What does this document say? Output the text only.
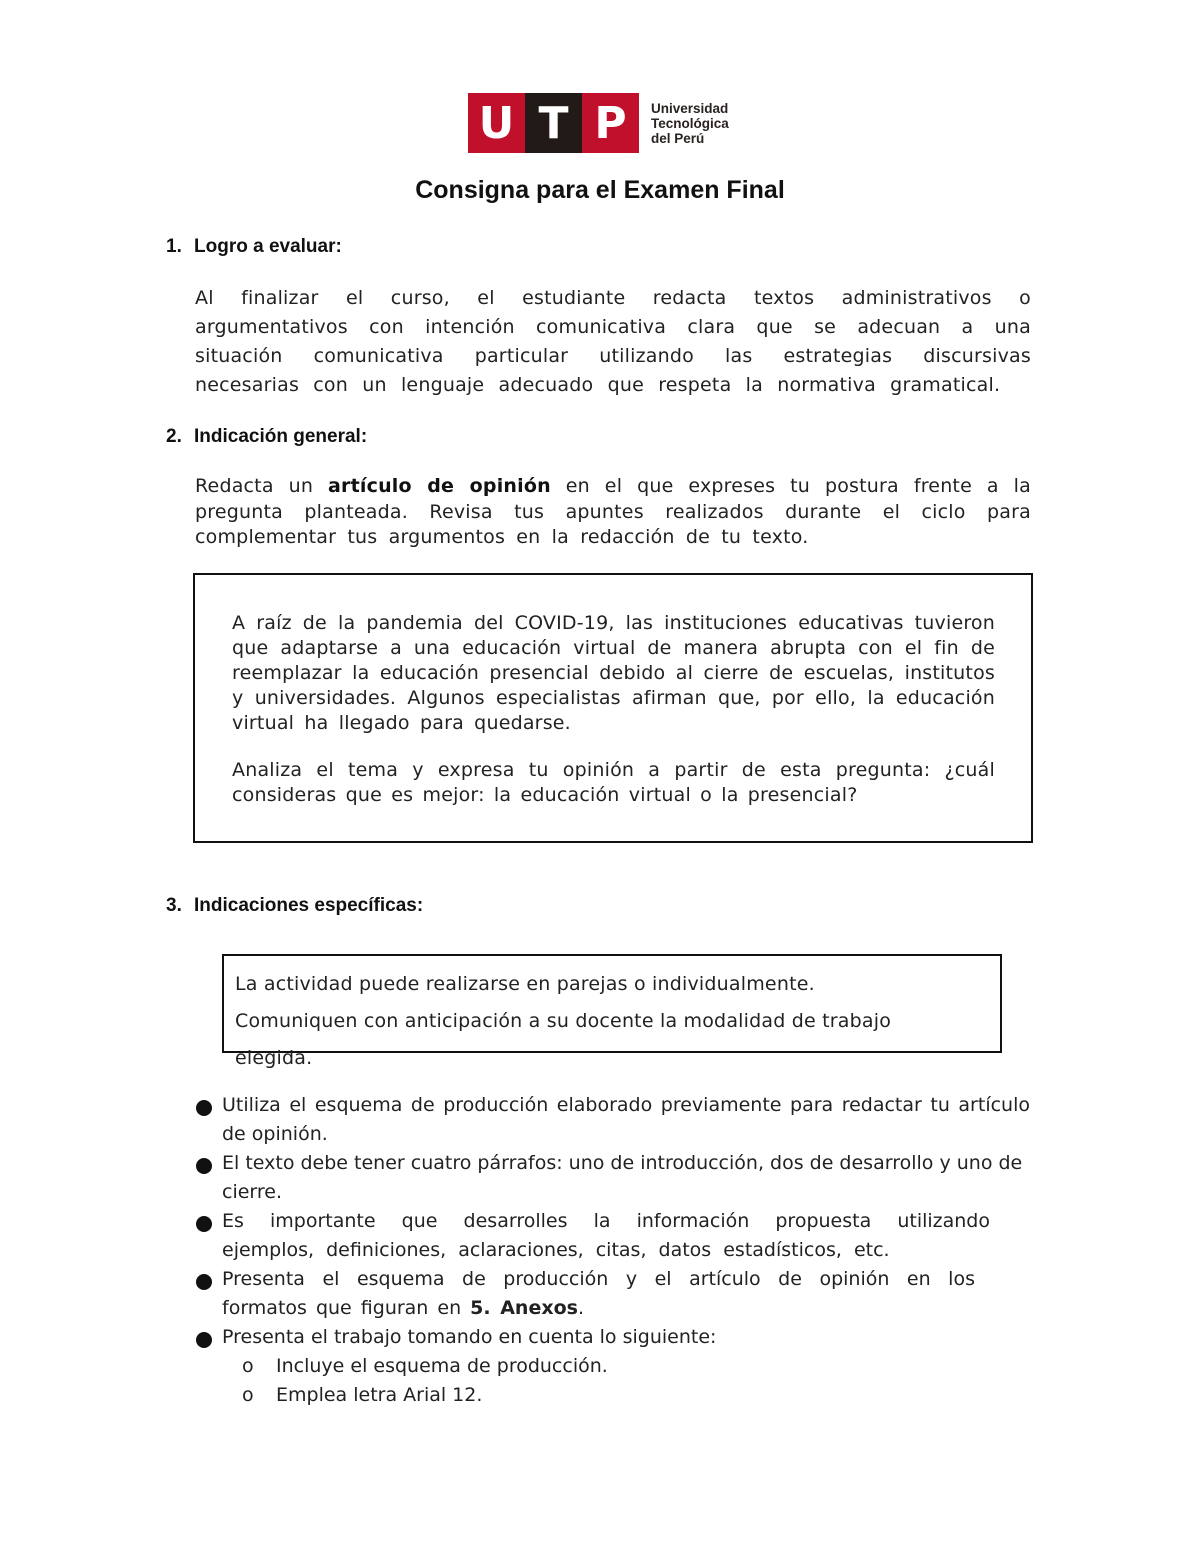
U T P	Universidad
Tecnológica
del Perú
Consigna para el Examen Final
1. Logro a evaluar:
Al finalizar el curso, el estudiante redacta textos administrativos o argumentativos con intención comunicativa clara que se adecuan a una situación comunicativa particular utilizando las estrategias discursivas necesarias con un lenguaje adecuado que respeta la normativa gramatical.
2. Indicación general:
Redacta un artículo de opinión en el que expreses tu postura frente a la pregunta planteada. Revisa tus apuntes realizados durante el ciclo para complementar tus argumentos en la redacción de tu texto.
A raíz de la pandemia del COVID-19, las instituciones educativas tuvieron que adaptarse a una educación virtual de manera abrupta con el fin de reemplazar la educación presencial debido al cierre de escuelas, institutos y universidades. Algunos especialistas afirman que, por ello, la educación virtual ha llegado para quedarse.
Analiza el tema y expresa tu opinión a partir de esta pregunta: ¿cuál consideras que es mejor: la educación virtual o la presencial?
3. Indicaciones específicas:
La actividad puede realizarse en parejas o individualmente.
Comuniquen con anticipación a su docente la modalidad de trabajo
elegida.
Utiliza el esquema de producción elaborado previamente para redactar tu artículo de opinión.
El texto debe tener cuatro párrafos: uno de introducción, dos de desarrollo y uno de cierre.
Es importante que desarrolles la información propuesta utilizando ejemplos, definiciones, aclaraciones, citas, datos estadísticos, etc.
Presenta el esquema de producción y el artículo de opinión en los formatos que figuran en 5. Anexos.
Presenta el trabajo tomando en cuenta lo siguiente:
o	Incluye el esquema de producción.
o	Emplea letra Arial 12.
